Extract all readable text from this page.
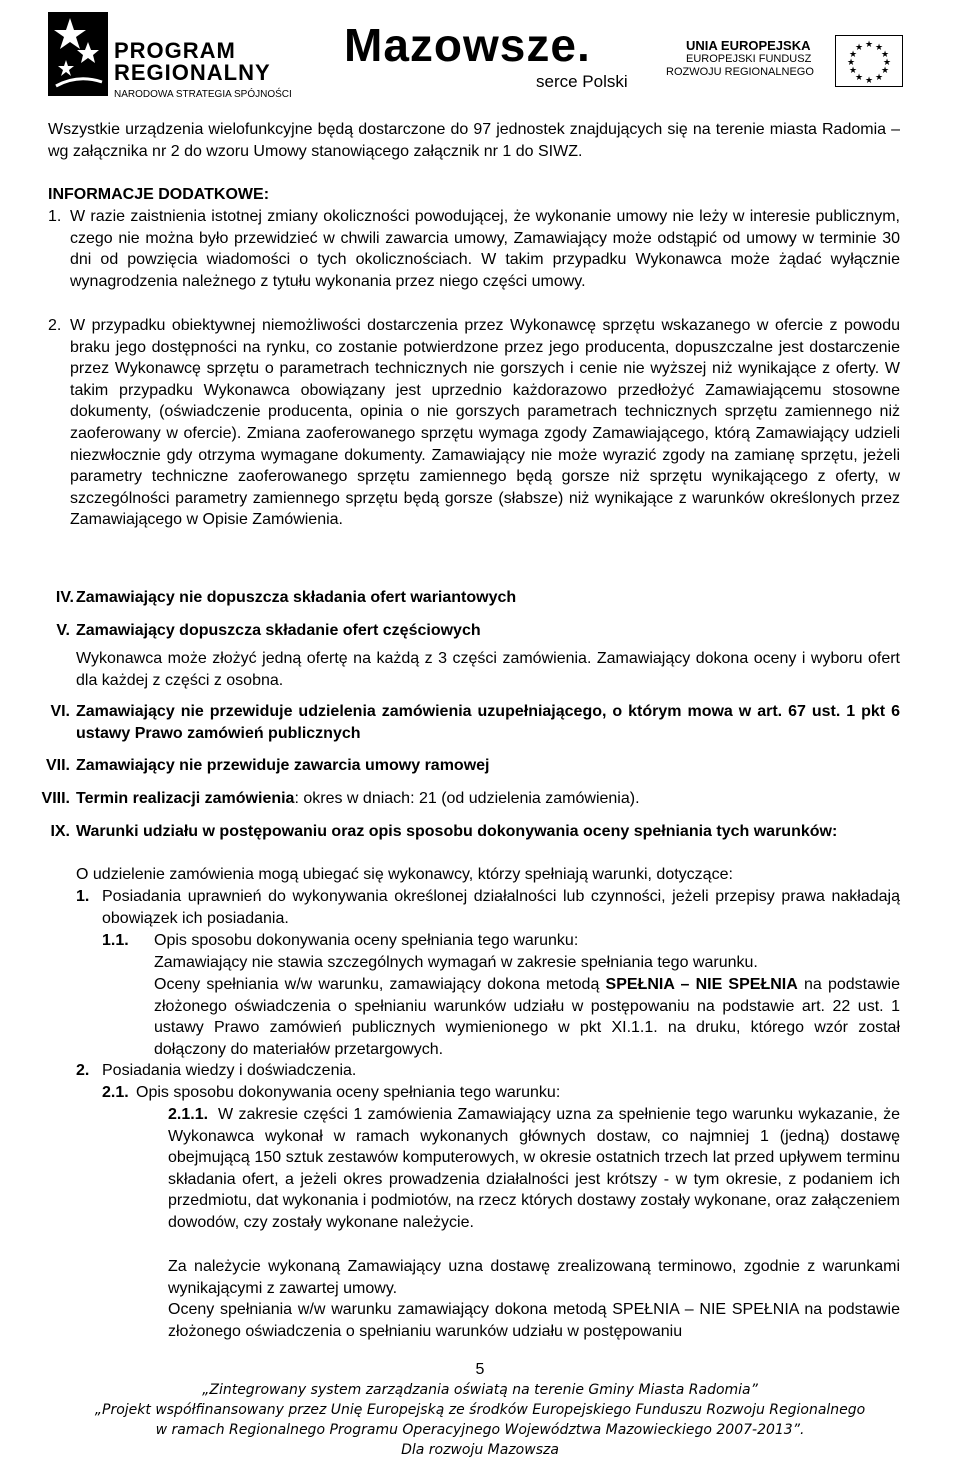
PROGRAM
REGIONALNY
NARODOWA STRATEGIA SPÓJNOŚCI
Mazowsze.
serce Polski
UNIA EUROPEJSKA
EUROPEJSKI FUNDUSZ
ROZWOJU REGIONALNEGO
★ ★
★
★
★
★
★
★
★
★
★
★

Wszystkie urządzenia wielofunkcyjne będą dostarczone do 97 jednostek znajdujących się na terenie miasta Radomia – wg załącznika nr 2 do wzoru Umowy stanowiącego załącznik nr 1 do SIWZ.

INFORMACJE DODATKOWE:

1. W razie zaistnienia istotnej zmiany okoliczności powodującej, że wykonanie umowy nie leży w interesie publicznym, czego nie można było przewidzieć w chwili zawarcia umowy, Zamawiający może odstąpić od umowy w terminie 30 dni od powzięcia wiadomości o tych okolicznościach. W takim przypadku Wykonawca może żądać wyłącznie wynagrodzenia należnego z tytułu wykonania przez niego części umowy.

2. W przypadku obiektywnej niemożliwości dostarczenia przez Wykonawcę sprzętu wskazanego w ofercie z powodu braku jego dostępności na rynku, co zostanie potwierdzone przez jego producenta, dopuszczalne jest dostarczenie przez Wykonawcę sprzętu o parametrach technicznych nie gorszych i cenie nie wyższej niż wynikające z oferty. W takim przypadku Wykonawca obowiązany jest uprzednio każdorazowo przedłożyć Zamawiającemu stosowne dokumenty, (oświadczenie producenta, opinia o nie gorszych parametrach technicznych sprzętu zamiennego niż zaoferowany w ofercie). Zmiana zaoferowanego sprzętu wymaga zgody Zamawiającego, którą Zamawiający udzieli niezwłocznie gdy otrzyma wymagane dokumenty. Zamawiający nie może wyrazić zgody na zamianę sprzętu, jeżeli parametry techniczne zaoferowanego sprzętu zamiennego będą gorsze niż sprzętu wynikającego z oferty, w szczególności parametry zamiennego sprzętu będą gorsze (słabsze) niż wynikające z warunków określonych przez Zamawiającego w Opisie Zamówienia.

IV. Zamawiający nie dopuszcza składania ofert wariantowych

V. Zamawiający dopuszcza składanie ofert częściowych

Wykonawca może złożyć jedną ofertę na każdą z 3 części zamówienia. Zamawiający dokona oceny i wyboru ofert dla każdej z części z osobna.

VI. Zamawiający nie przewiduje udzielenia zamówienia uzupełniającego, o którym mowa w art. 67 ust. 1 pkt 6 ustawy Prawo zamówień publicznych

VII. Zamawiający nie przewiduje zawarcia umowy ramowej

VIII. Termin realizacji zamówienia: okres w dniach: 21 (od udzielenia zamówienia).

IX. Warunki udziału w postępowaniu oraz opis sposobu dokonywania oceny spełniania tych warunków:

O udzielenie zamówienia mogą ubiegać się wykonawcy, którzy spełniają warunki, dotyczące:

1. Posiadania uprawnień do wykonywania określonej działalności lub czynności, jeżeli przepisy prawa nakładają obowiązek ich posiadania.

1.1. Opis sposobu dokonywania oceny spełniania tego warunku:

Zamawiający nie stawia szczególnych wymagań w zakresie spełniania tego warunku.

Oceny spełniania w/w warunku, zamawiający dokona metodą SPEŁNIA – NIE SPEŁNIA na podstawie złożonego oświadczenia o spełnianiu warunków udziału w postępowaniu na podstawie art. 22 ust. 1 ustawy Prawo zamówień publicznych wymienionego w pkt XI.1.1. na druku, którego wzór został dołączony do materiałów przetargowych.

2. Posiadania wiedzy i doświadczenia.

2.1. Opis sposobu dokonywania oceny spełniania tego warunku:

2.1.1. W zakresie części 1 zamówienia Zamawiający uzna za spełnienie tego warunku wykazanie, że Wykonawca wykonał w ramach wykonanych głównych dostaw, co najmniej 1 (jedną) dostawę obejmującą 150 sztuk zestawów komputerowych, w okresie ostatnich trzech lat przed upływem terminu składania ofert, a jeżeli okres prowadzenia działalności jest krótszy - w tym okresie, z podaniem ich przedmiotu, dat wykonania i podmiotów, na rzecz których dostawy zostały wykonane, oraz załączeniem dowodów, czy zostały wykonane należycie.

Za należycie wykonaną Zamawiający uzna dostawę zrealizowaną terminowo, zgodnie z warunkami wynikającymi z zawartej umowy.

Oceny spełniania w/w warunku zamawiający dokona metodą SPEŁNIA – NIE SPEŁNIA na podstawie złożonego oświadczenia o spełnianiu warunków udziału w postępowaniu

5
„Zintegrowany system zarządzania oświatą na terenie Gminy Miasta Radomia”
„Projekt współfinansowany przez Unię Europejską ze środków Europejskiego Funduszu Rozwoju Regionalnego
w ramach Regionalnego Programu Operacyjnego Województwa Mazowieckiego 2007-2013”.
Dla rozwoju Mazowsza
